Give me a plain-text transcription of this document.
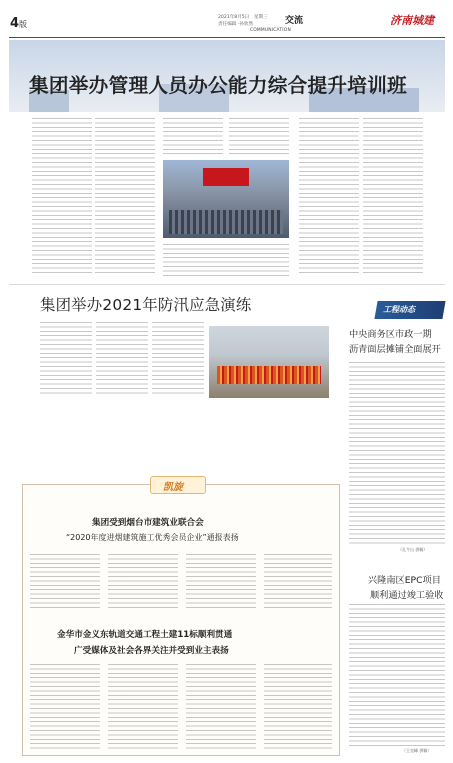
4版
2021年8月5日　星期三
责任编辑 ·孙欣然	交流
COMMUNICATION
济南城建
集团举办管理人员办公能力综合提升培训班
集团举办2021年防汛应急演练	工程动态
中央商务区市政一期
沥青面层摊铺全面展开
（孔令山 供稿）
兴隆南区EPC项目
顺利通过竣工验收
（王克峰 供稿）
凯旋
集团受到烟台市建筑业联合会
“2020年度进烟建筑施工优秀会员企业”通报表扬
金华市金义东轨道交通工程土建11标顺利贯通
广受媒体及社会各界关注并受到业主表扬
